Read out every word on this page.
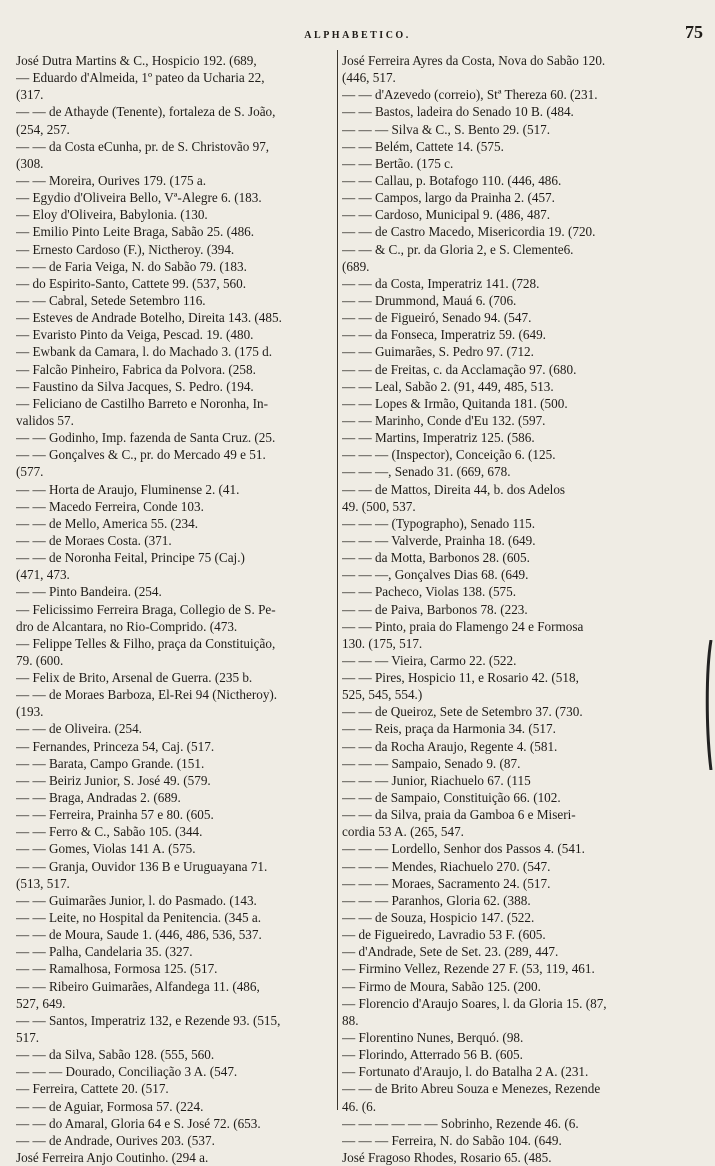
ALPHABETICO.	75
José Dutra Martins & C., Hospicio 192. (689,
— Eduardo d'Almeida, 1º pateo da Ucharia 22,
(317.
— — de Athayde (Tenente), fortaleza de S. João,
(254, 257.
— — da Costa eCunha, pr. de S. Christovão 97,
(308.
— — Moreira, Ourives 179. (175 a.
— Egydio d'Oliveira Bello, Vª-Alegre 6. (183.
— Eloy d'Oliveira, Babylonia. (130.
— Emilio Pinto Leite Braga, Sabão 25. (486.
— Ernesto Cardoso (F.), Nictheroy. (394.
— — de Faria Veiga, N. do Sabão 79. (183.
— do Espirito-Santo, Cattete 99. (537, 560.
— — Cabral, Setede Setembro 116.
— Esteves de Andrade Botelho, Direita 143. (485.
— Evaristo Pinto da Veiga, Pescad. 19. (480.
— Ewbank da Camara, l. do Machado 3. (175 d.
— Falcão Pinheiro, Fabrica da Polvora. (258.
— Faustino da Silva Jacques, S. Pedro. (194.
— Feliciano de Castilho Barreto e Noronha, In-
validos 57.
— — Godinho, Imp. fazenda de Santa Cruz. (25.
— — Gonçalves & C., pr. do Mercado 49 e 51.
(577.
— — Horta de Araujo, Fluminense 2. (41.
— — Macedo Ferreira, Conde 103.
— — de Mello, America 55. (234.
— — de Moraes Costa. (371.
— — de Noronha Feital, Principe 75 (Caj.)
(471, 473.
— — Pinto Bandeira. (254.
— Felicissimo Ferreira Braga, Collegio de S. Pe-
dro de Alcantara, no Rio-Comprido. (473.
— Felippe Telles & Filho, praça da Constituição,
79. (600.
— Felix de Brito, Arsenal de Guerra. (235 b.
— — de Moraes Barboza, El-Rei 94 (Nictheroy).
(193.
— — de Oliveira. (254.
— Fernandes, Princeza 54, Caj. (517.
— — Barata, Campo Grande. (151.
— — Beiriz Junior, S. José 49. (579.
— — Braga, Andradas 2. (689.
— — Ferreira, Prainha 57 e 80. (605.
— — Ferro & C., Sabão 105. (344.
— — Gomes, Violas 141 A. (575.
— — Granja, Ouvidor 136 B e Uruguayana 71.
(513, 517.
— — Guimarães Junior, l. do Pasmado. (143.
— — Leite, no Hospital da Penitencia. (345 a.
— — de Moura, Saude 1. (446, 486, 536, 537.
— — Palha, Candelaria 35. (327.
— — Ramalhosa, Formosa 125. (517.
— — Ribeiro Guimarães, Alfandega 11. (486,
527, 649.
— — Santos, Imperatriz 132, e Rezende 93. (515,
517.
— — da Silva, Sabão 128. (555, 560.
— — — Dourado, Conciliação 3 A. (547.
— Ferreira, Cattete 20. (517.
— — de Aguiar, Formosa 57. (224.
— — do Amaral, Gloria 64 e S. José 72. (653.
— — de Andrade, Ourives 203. (537.
José Ferreira Anjo Coutinho. (294 a.
José Ferreira Ayres da Costa, Nova do Sabão 120.
(446, 517.
— — d'Azevedo (correio), Stª Thereza 60. (231.
— — Bastos, ladeira do Senado 10 B. (484.
— — — Silva & C., S. Bento 29. (517.
— — Belém, Cattete 14. (575.
— — Bertão. (175 c.
— — Callau, p. Botafogo 110. (446, 486.
— — Campos, largo da Prainha 2. (457.
— — Cardoso, Municipal 9. (486, 487.
— — de Castro Macedo, Misericordia 19. (720.
— — & C., pr. da Gloria 2, e S. Clemente6.
(689.
— — da Costa, Imperatriz 141. (728.
— — Drummond, Mauá 6. (706.
— — de Figueiró, Senado 94. (547.
— — da Fonseca, Imperatriz 59. (649.
— — Guimarães, S. Pedro 97. (712.
— — de Freitas, c. da Acclamação 97. (680.
— — Leal, Sabão 2. (91, 449, 485, 513.
— — Lopes & Irmão, Quitanda 181. (500.
— — Marinho, Conde d'Eu 132. (597.
— — Martins, Imperatriz 125. (586.
— — — (Inspector), Conceição 6. (125.
— — —, Senado 31. (669, 678.
— — de Mattos, Direita 44, b. dos Adelos
49. (500, 537.
— — — (Typographo), Senado 115.
— — — Valverde, Prainha 18. (649.
— — da Motta, Barbonos 28. (605.
— — —, Gonçalves Dias 68. (649.
— — Pacheco, Violas 138. (575.
— — de Paiva, Barbonos 78. (223.
— — Pinto, praia do Flamengo 24 e Formosa
130. (175, 517.
— — — Vieira, Carmo 22. (522.
— — Pires, Hospicio 11, e Rosario 42. (518,
525, 545, 554.)
— — de Queiroz, Sete de Setembro 37. (730.
— — Reis, praça da Harmonia 34. (517.
— — da Rocha Araujo, Regente 4. (581.
— — — Sampaio, Senado 9. (87.
— — — Junior, Riachuelo 67. (115
— — de Sampaio, Constituição 66. (102.
— — da Silva, praia da Gamboa 6 e Miseri-
cordia 53 A. (265, 547.
— — — Lordello, Senhor dos Passos 4. (541.
— — — Mendes, Riachuelo 270. (547.
— — — Moraes, Sacramento 24. (517.
— — — Paranhos, Gloria 62. (388.
— — de Souza, Hospicio 147. (522.
— de Figueiredo, Lavradio 53 F. (605.
— d'Andrade, Sete de Set. 23. (289, 447.
— Firmino Vellez, Rezende 27 F. (53, 119, 461.
— Firmo de Moura, Sabão 125. (200.
— Florencio d'Araujo Soares, l. da Gloria 15. (87,
88.
— Florentino Nunes, Berquó. (98.
— Florindo, Atterrado 56 B. (605.
— Fortunato d'Araujo, l. do Batalha 2 A. (231.
— — de Brito Abreu Souza e Menezes, Rezende
46. (6.
— — — — — — Sobrinho, Rezende 46. (6.
— — — Ferreira, N. do Sabão 104. (649.
José Fragoso Rhodes, Rosario 65. (485.
